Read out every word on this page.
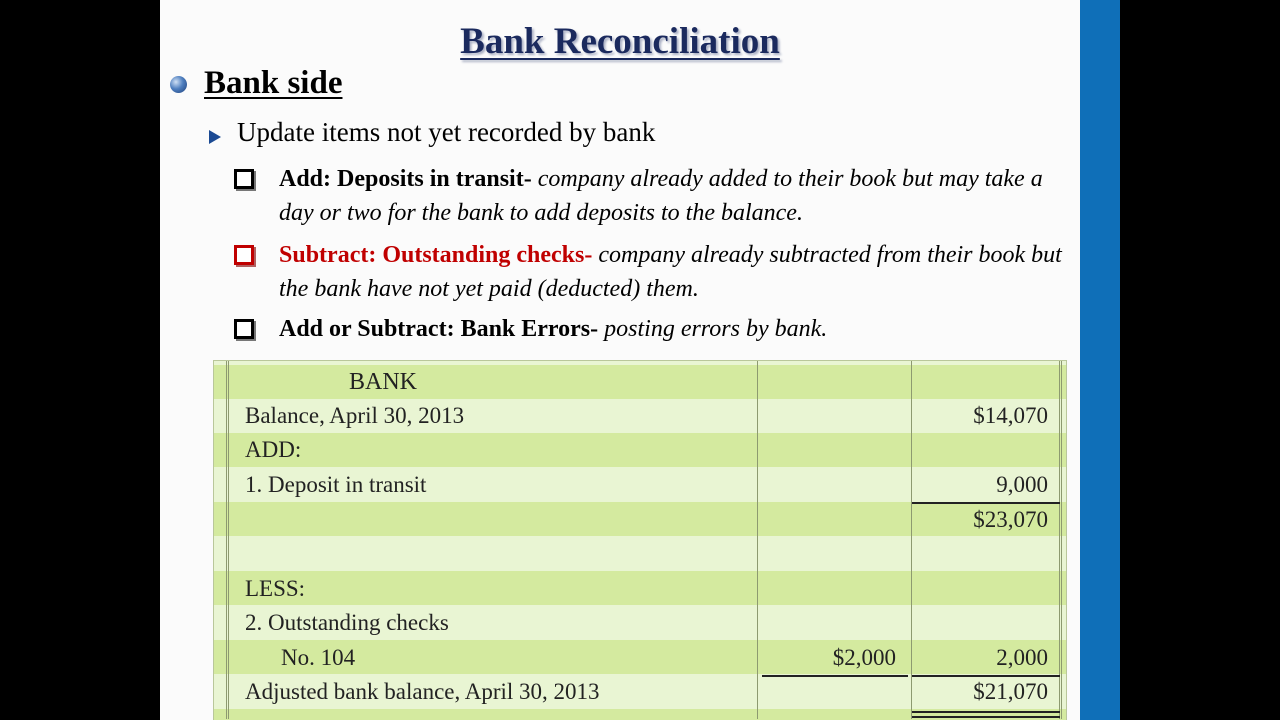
Bank Reconciliation
Bank side
Update items not yet recorded by bank
Add: Deposits in transit- company already added to their book but may take a day or two for the bank to add deposits to the balance.
Subtract: Outstanding checks- company already subtracted from their book but the bank have not yet paid (deducted) them.
Add or Subtract: Bank Errors- posting errors by bank.
BANK
Balance, April 30, 2013	$14,070
ADD:
1. Deposit in transit	9,000
$23,070
LESS:
2. Outstanding checks
No. 104	$2,000	2,000
Adjusted bank balance, April 30, 2013	$21,070
